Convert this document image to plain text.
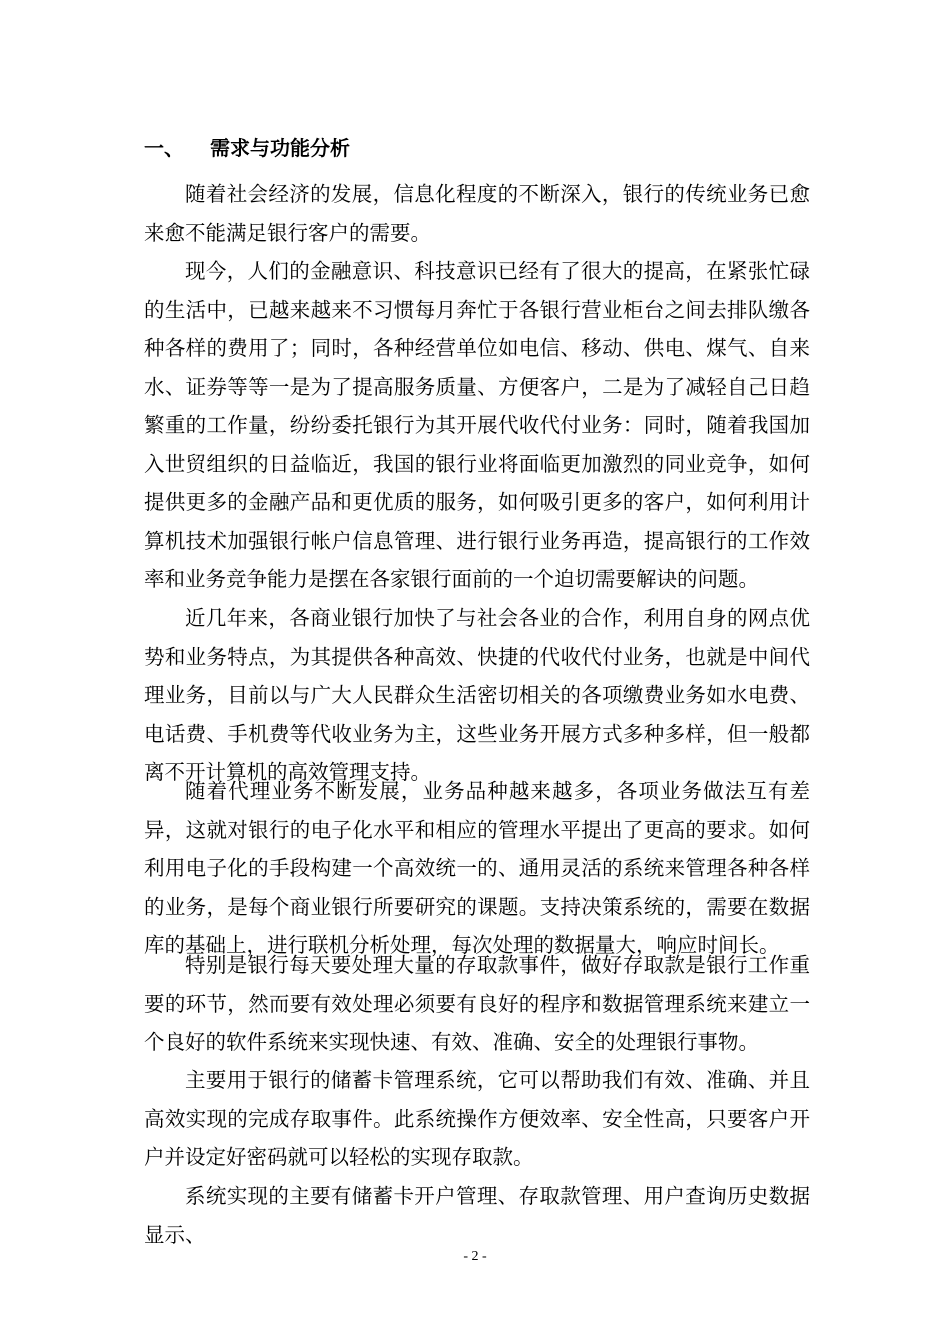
一、 需求与功能分析

随着社会经济的发展，信息化程度的不断深入，银行的传统业务已愈来愈不能满足银行客户的需要。

现今，人们的金融意识、科技意识已经有了很大的提高，在紧张忙碌的生活中，已越来越来不习惯每月奔忙于各银行营业柜台之间去排队缴各种各样的费用了；同时，各种经营单位如电信、移动、供电、煤气、自来水、证券等等一是为了提高服务质量、方便客户，二是为了减轻自己日趋繁重的工作量，纷纷委托银行为其开展代收代付业务：同时，随着我国加入世贸组织的日益临近，我国的银行业将面临更加激烈的同业竞争，如何提供更多的金融产品和更优质的服务，如何吸引更多的客户，如何利用计算机技术加强银行帐户信息管理、进行银行业务再造，提高银行的工作效率和业务竞争能力是摆在各家银行面前的一个迫切需要解诀的问题。

近几年来，各商业银行加快了与社会各业的合作，利用自身的网点优势和业务特点，为其提供各种高效、快捷的代收代付业务，也就是中间代理业务，目前以与广大人民群众生活密切相关的各项缴费业务如水电费、电话费、手机费等代收业务为主，这些业务开展方式多种多样，但一般都离不开计算机的高效管理支持。

随着代理业务不断发展，业务品种越来越多，各项业务做法互有差异，这就对银行的电子化水平和相应的管理水平提出了更高的要求。如何利用电子化的手段构建一个高效统一的、通用灵活的系统来管理各种各样的业务，是每个商业银行所要研究的课题。支持决策系统的，需要在数据库的基础上，进行联机分析处理，每次处理的数据量大，响应时间长。

特别是银行每天要处理大量的存取款事件，做好存取款是银行工作重要的环节，然而要有效处理必须要有良好的程序和数据管理系统来建立一个良好的软件系统来实现快速、有效、准确、安全的处理银行事物。

主要用于银行的储蓄卡管理系统，它可以帮助我们有效、准确、并且高效实现的完成存取事件。此系统操作方便效率、安全性高，只要客户开户并设定好密码就可以轻松的实现存取款。

系统实现的主要有储蓄卡开户管理、存取款管理、用户查询历史数据显示、

- 2 -
